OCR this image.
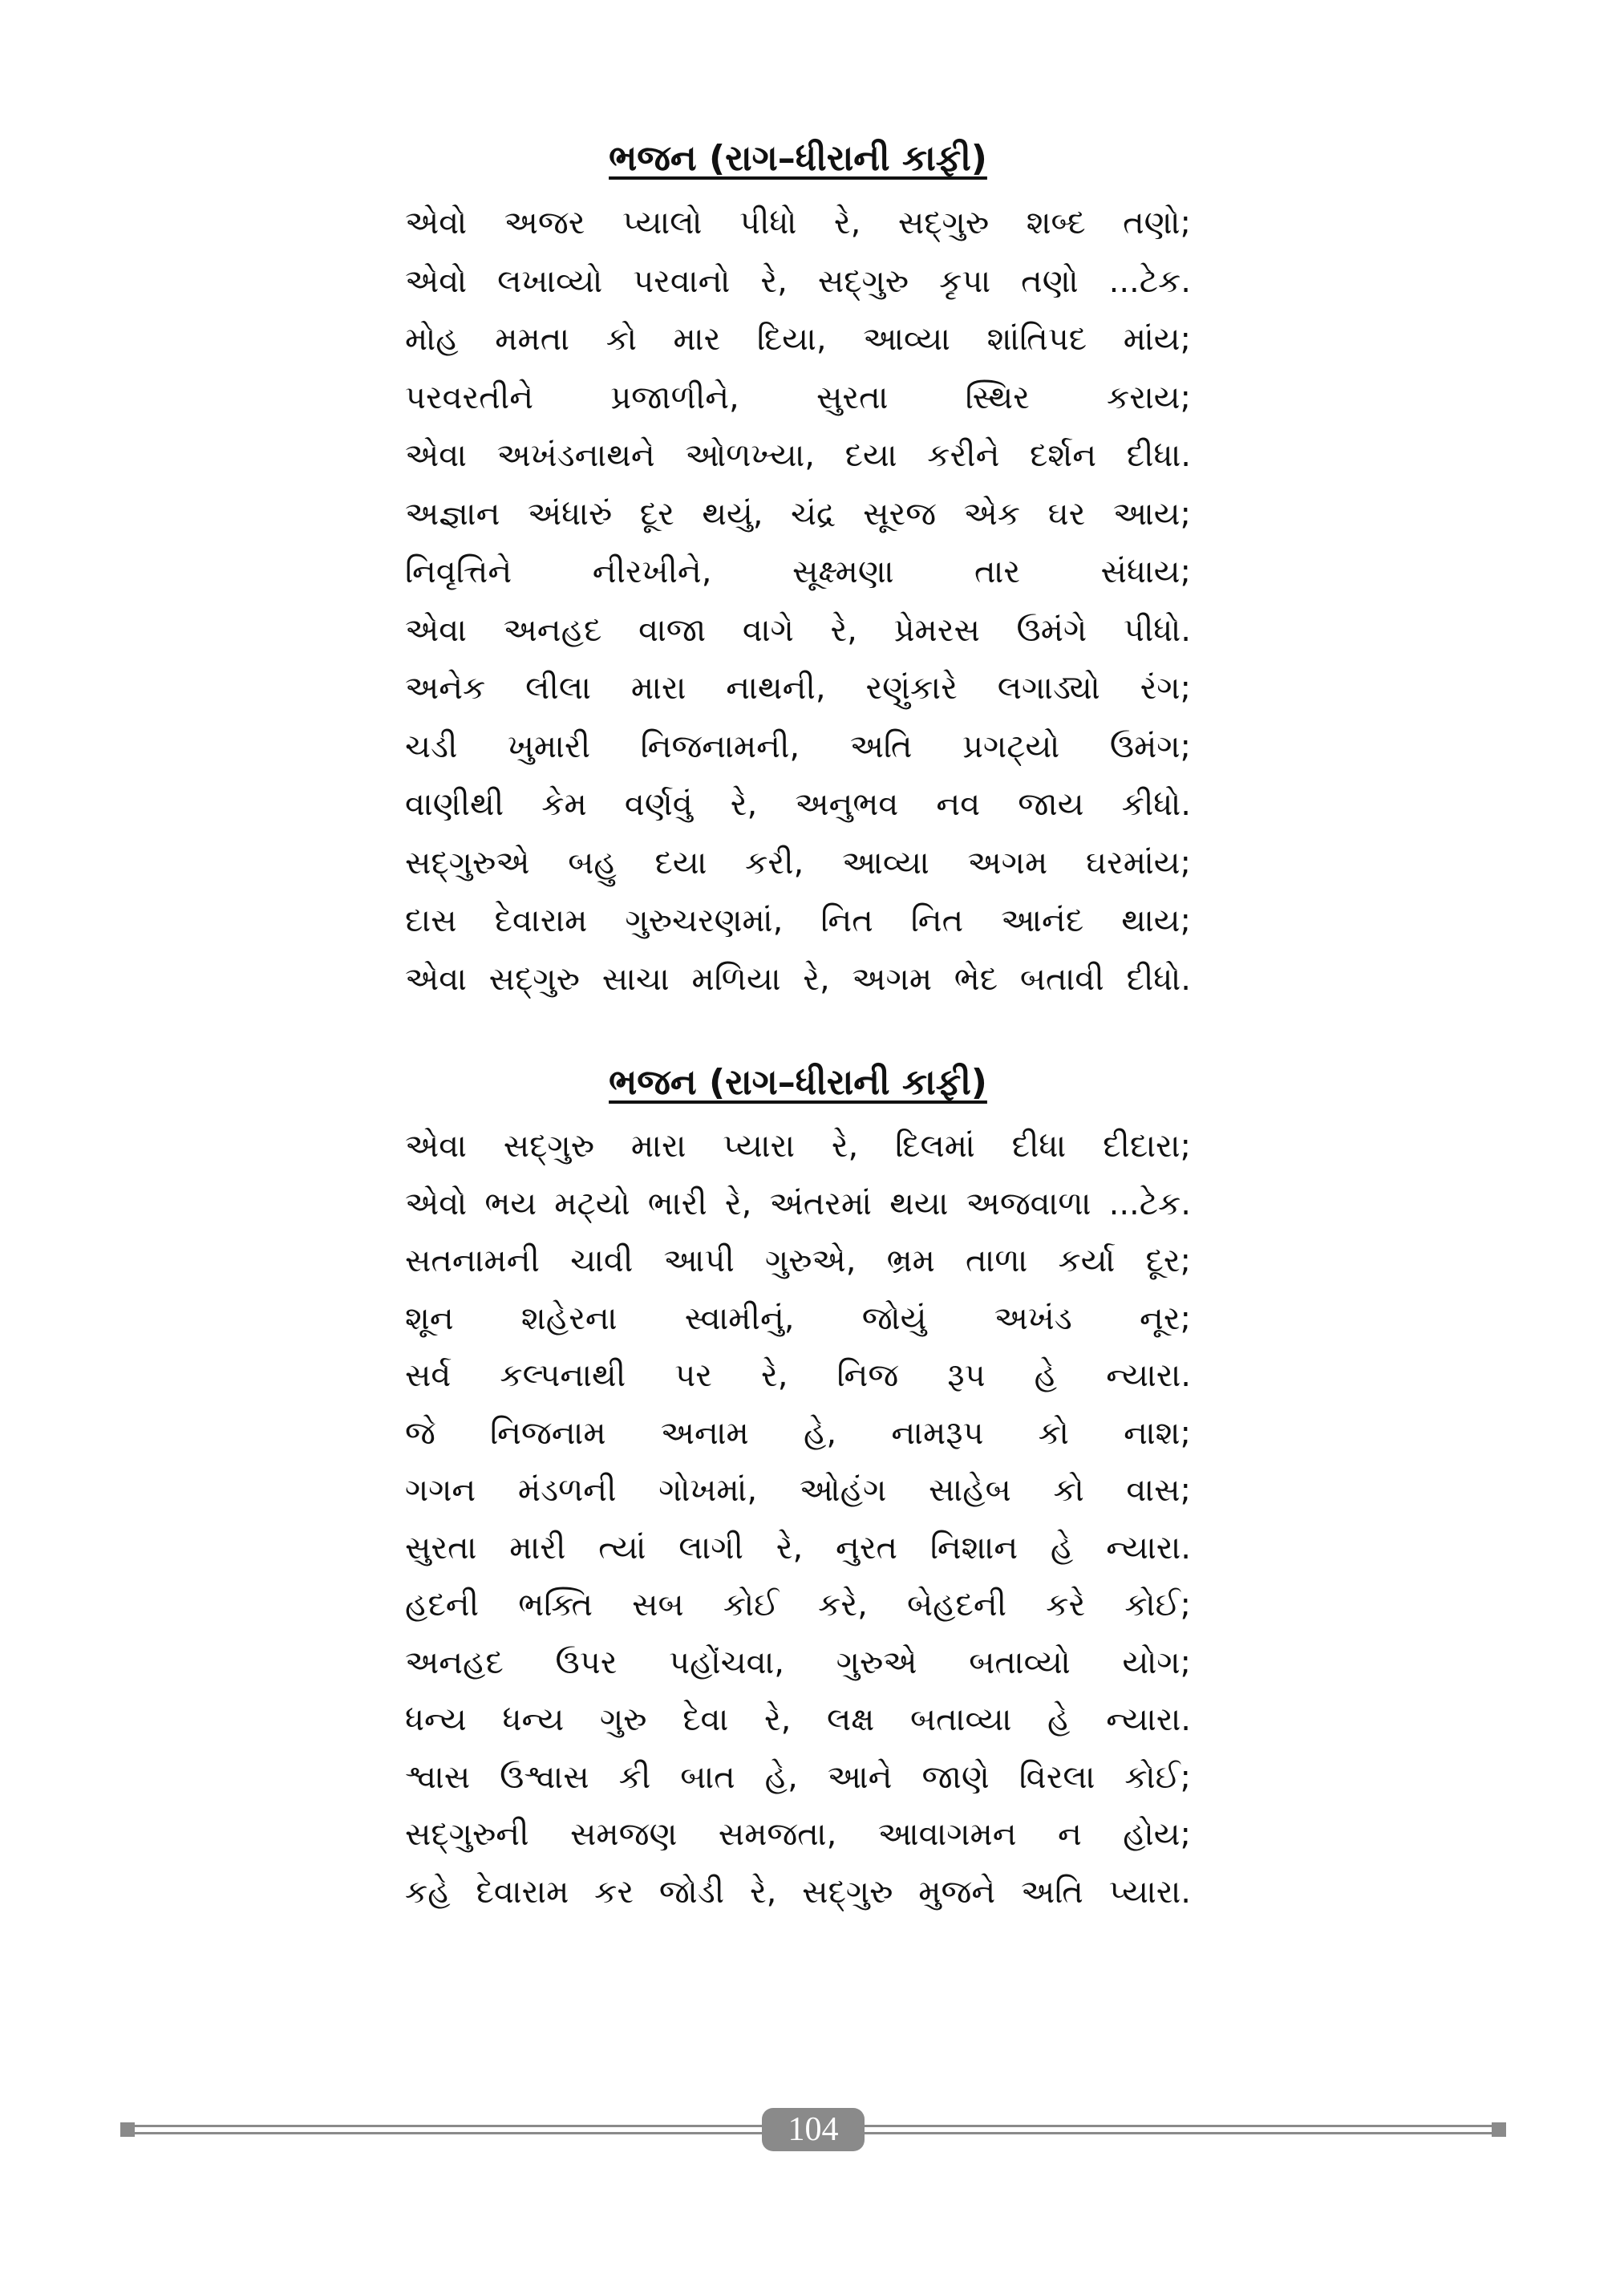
ભજન (રાગ–ધીરાની કાફી)
એવો અજર પ્યાલો પીધો રે, સદ્‌ગુરુ શબ્દ તણો;
એવો લખાવ્યો પરવાનો રે, સદ્‌ગુરુ કૃપા તણો ...ટેક.
મોહ મમતા કો માર દિયા, આવ્યા શાંતિપદ માંય;
પરવરતીને પ્રજાળીને, સુરતા સ્થિર કરાય;
એવા અખંડનાથને ઓળખ્યા, દયા કરીને દર્શન દીધા.
અજ્ઞાન અંધારું દૂર થયું, ચંદ્ર સૂરજ એક ઘર આય;
નિવૃત્તિને નીરખીને, સૂક્ષ્મણા તાર સંધાય;
એવા અનહદ વાજા વાગે રે, પ્રેમરસ ઉમંગે પીધો.
અનેક લીલા મારા નાથની, રણુંકારે લગાડ્યો રંગ;
ચડી ખુમારી નિજનામની, અતિ પ્રગટ્યો ઉમંગ;
વાણીથી કેમ વર્ણવું રે, અનુભવ નવ જાય કીધો.
સદ્‌ગુરુએ બહુ દયા કરી, આવ્યા અગમ ઘરમાંય;
દાસ દેવારામ ગુરુચરણમાં, નિત નિત આનંદ થાય;
એવા સદ્‌ગુરુ સાચા મળિયા રે, અગમ ભેદ બતાવી દીધો.
ભજન (રાગ–ધીરાની કાફી)
એવા સદ્‌ગુરુ મારા પ્યારા રે, દિલમાં દીધા દીદારા;
એવો ભય મટ્યો ભારી રે, અંતરમાં થયા અજવાળા ...ટેક.
સતનામની ચાવી આપી ગુરુએ, ભ્રમ તાળા કર્યા દૂર;
શૂન શહેરના સ્વામીનું, જોયું અખંડ નૂર;
સર્વ કલ્પનાથી પર રે, નિજ રૂપ હે ન્યારા.
જે નિજનામ અનામ હે, નામરૂપ કો નાશ;
ગગન મંડળની ગોખમાં, ઓહંગ સાહેબ કો વાસ;
સુરતા મારી ત્યાં લાગી રે, નુરત નિશાન હે ન્યારા.
હદની ભક્તિ સબ કોઈ કરે, બેહદની કરે કોઈ;
અનહદ ઉપર પહોંચવા, ગુરુએ બતાવ્યો યોગ;
ધન્ય ધન્ય ગુરુ દેવા રે, લક્ષ બતાવ્યા હે ન્યારા.
શ્વાસ ઉશ્વાસ કી બાત હે, આને જાણે વિરલા કોઈ;
સદ્‌ગુરુની સમજણ સમજતા, આવાગમન ન હોય;
કહે દેવારામ કર જોડી રે, સદ્‌ગુરુ મુજને અતિ પ્યારા.
104
